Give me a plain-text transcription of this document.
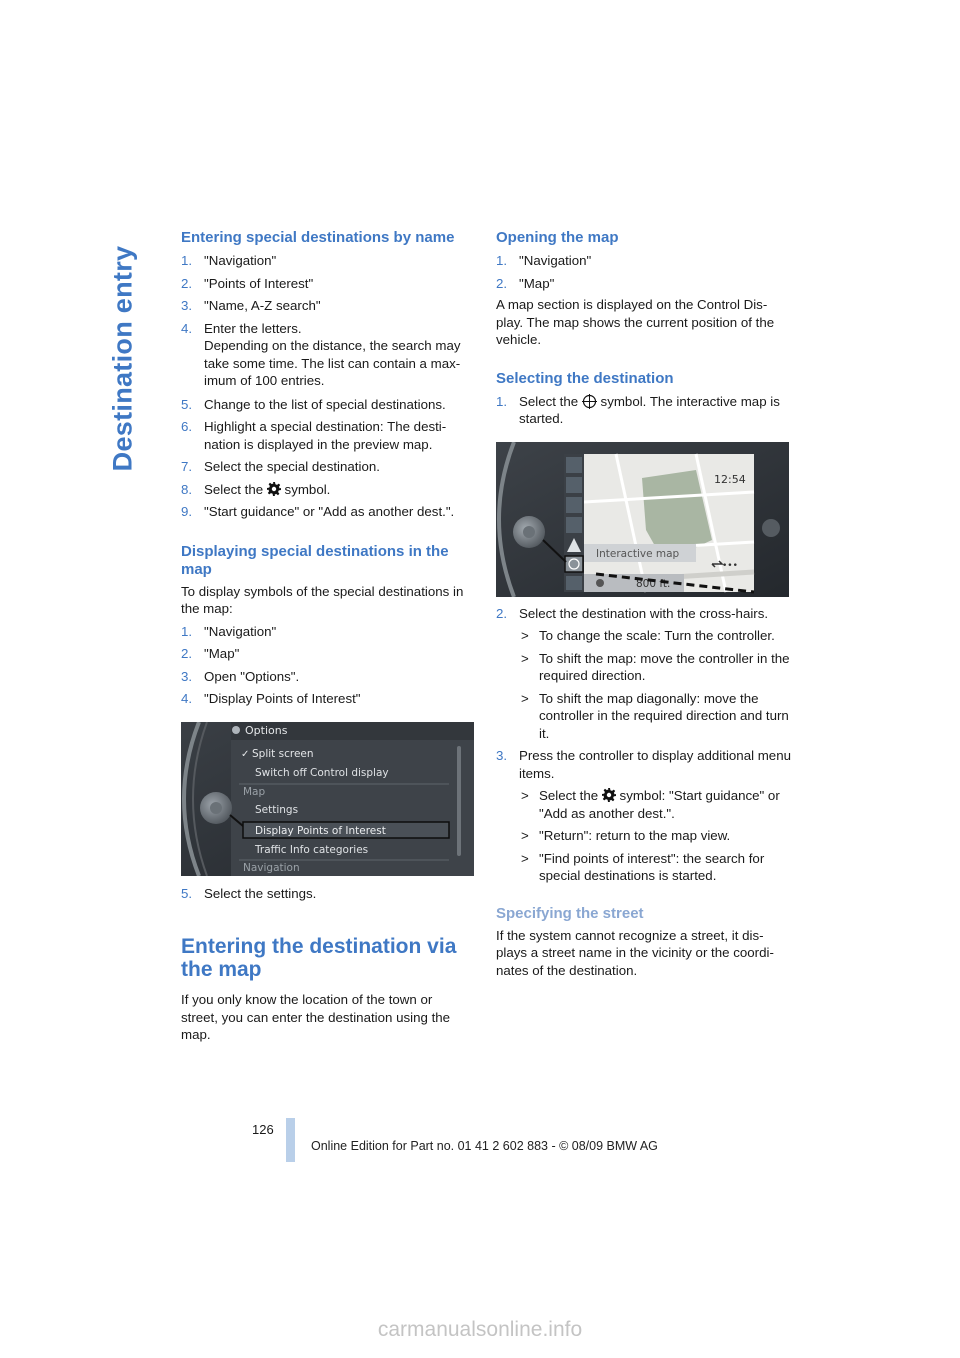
Destination entry
Entering special destinations by name
1. "Navigation"
2. "Points of Interest"
3. "Name, A-Z search"
4. Enter the letters.
Depending on the distance, the search may take some time. The list can contain a max-imum of 100 entries.
5. Change to the list of special destinations.
6. Highlight a special destination: The desti-nation is displayed in the preview map.
7. Select the special destination.
8. Select the symbol.
9. "Start guidance" or "Add as another dest.".
Displaying special destinations in the map

To display symbols of the special destinations in the map:

1. "Navigation"
2. "Map"
3. Open "Options".
4. "Display Points of Interest"
Options
✓ Split screen
Switch off Control display
Map
Settings
Display Points of Interest
Traffic Info categories
Navigation
5. Select the settings.
Entering the destination via the map

If you only know the location of the town or street, you can enter the destination using the map.

Opening the map
1. "Navigation"
2. "Map"

A map section is displayed on the Control Dis-play. The map shows the current position of the vehicle.

Selecting the destination
1. Select the symbol. The interactive map is started.
12:54
Interactive map
800 ft.
•••
2. Select the destination with the cross-hairs.
> To change the scale: Turn the controller.
> To shift the map: move the controller in the required direction.
> To shift the map diagonally: move the controller in the required direction and turn it.
3. Press the controller to display additional menu items.
> Select the symbol: "Start guidance" or "Add as another dest.".
> "Return": return to the map view.
> "Find points of interest": the search for special destinations is started.
Specifying the street

If the system cannot recognize a street, it dis-plays a street name in the vicinity or the coordi-nates of the destination.

126
Online Edition for Part no. 01 41 2 602 883 - © 08/09 BMW AG
carmanualsonline.info
